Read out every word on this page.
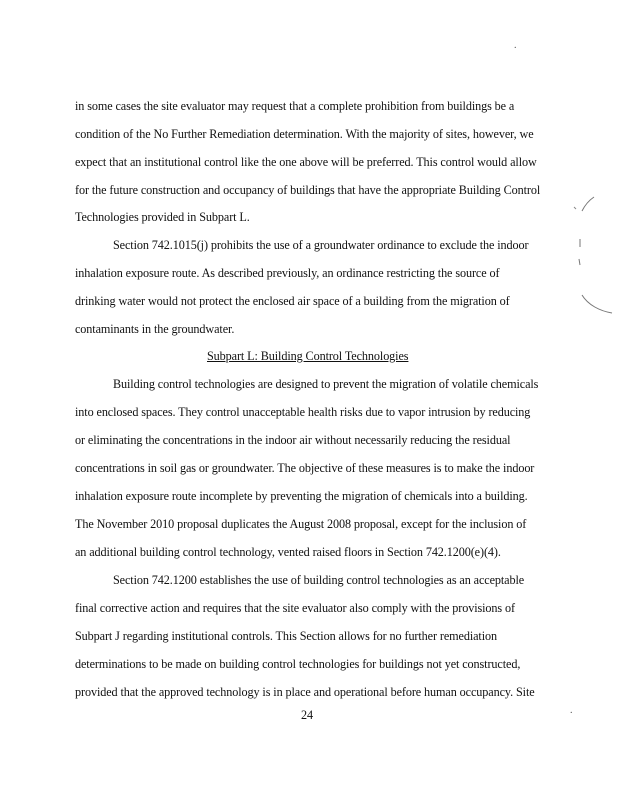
in some cases the site evaluator may request that a complete prohibition from buildings be a
condition of the No Further Remediation determination. With the majority of sites, however, we
expect that an institutional control like the one above will be preferred. This control would allow
for the future construction and occupancy of buildings that have the appropriate Building Control
Technologies provided in Subpart L.
Section 742.1015(j) prohibits the use of a groundwater ordinance to exclude the indoor
inhalation exposure route. As described previously, an ordinance restricting the source of
drinking water would not protect the enclosed air space of a building from the migration of
contaminants in the groundwater.
Subpart L: Building Control Technologies
Building control technologies are designed to prevent the migration of volatile chemicals
into enclosed spaces. They control unacceptable health risks due to vapor intrusion by reducing
or eliminating the concentrations in the indoor air without necessarily reducing the residual
concentrations in soil gas or groundwater. The objective of these measures is to make the indoor
inhalation exposure route incomplete by preventing the migration of chemicals into a building.
The November 2010 proposal duplicates the August 2008 proposal, except for the inclusion of
an additional building control technology, vented raised floors in Section 742.1200(e)(4).
Section 742.1200 establishes the use of building control technologies as an acceptable
final corrective action and requires that the site evaluator also comply with the provisions of
Subpart J regarding institutional controls. This Section allows for no further remediation
determinations to be made on building control technologies for buildings not yet constructed,
provided that the approved technology is in place and operational before human occupancy. Site
24
.
.
